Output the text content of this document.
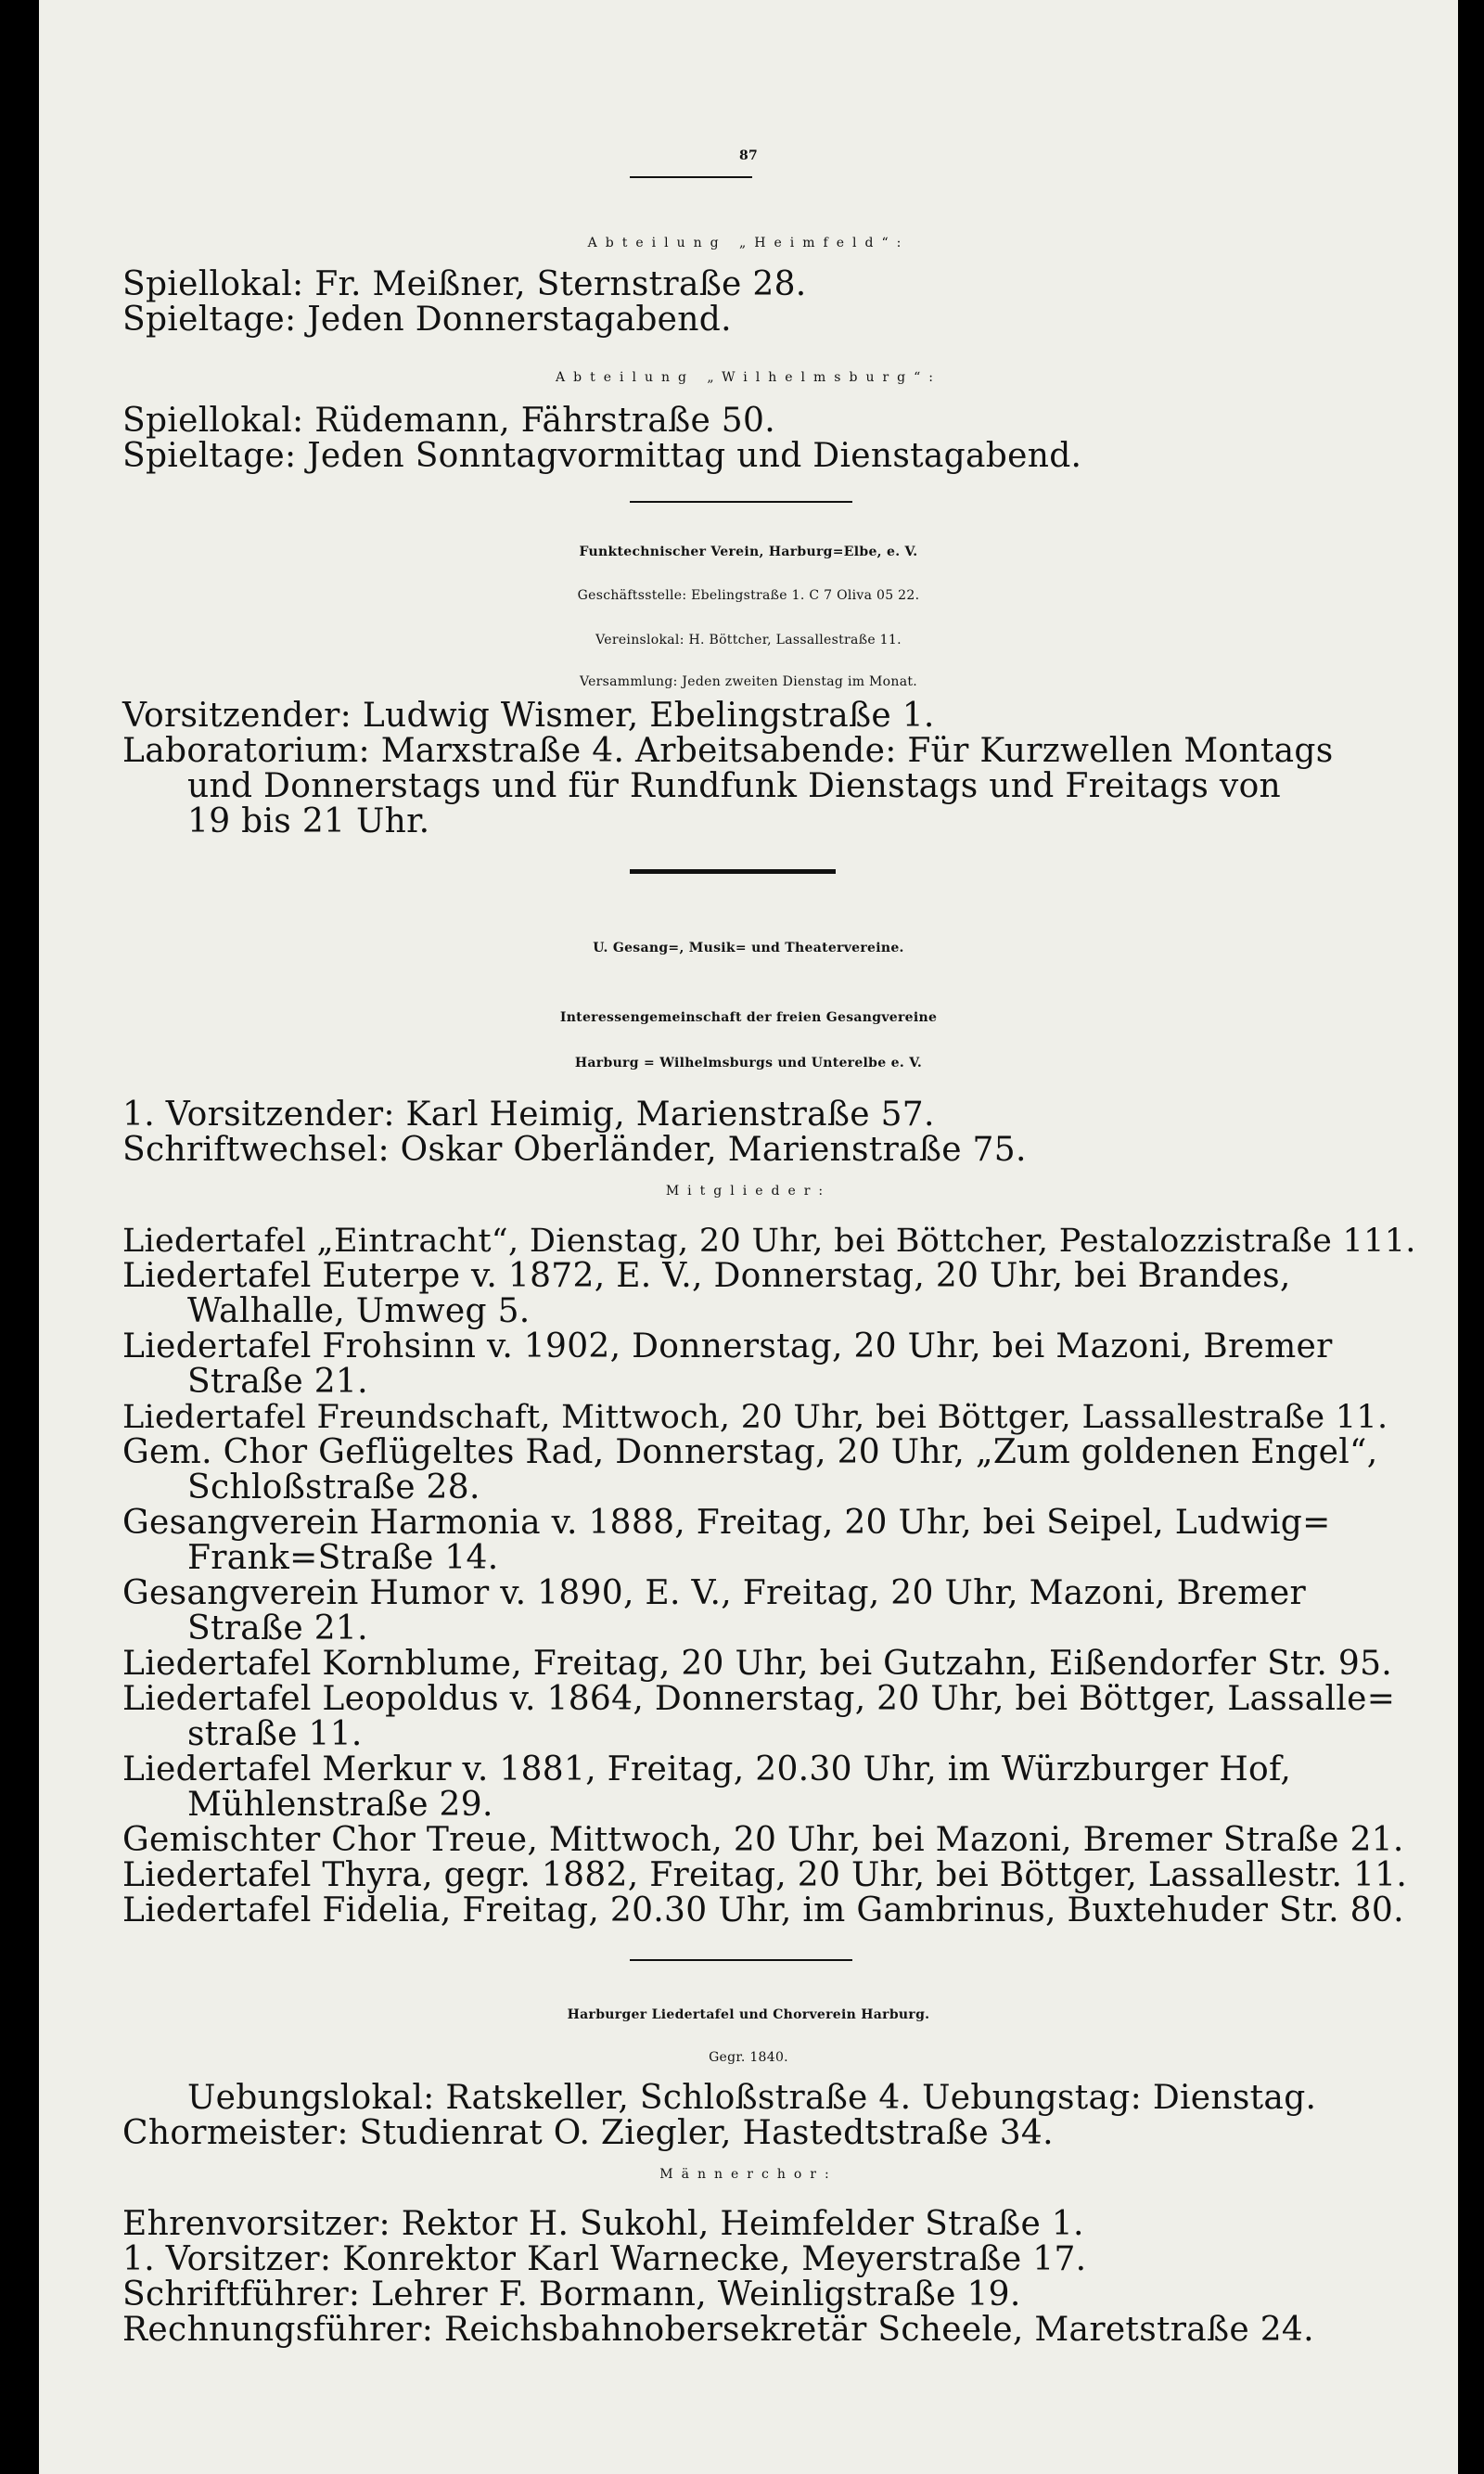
87
Abteilung „Heimfeld“:
Spiellokal: Fr. Meißner, Sternstraße 28.
Spieltage: Jeden Donnerstagabend.
Abteilung „Wilhelmsburg“:
Spiellokal: Rüdemann, Fährstraße 50.
Spieltage: Jeden Sonntagvormittag und Dienstagabend.
Funktechnischer Verein, Harburg=Elbe, e. V.
Geschäftsstelle: Ebelingstraße 1. C 7 Oliva 05 22.
Vereinslokal: H. Böttcher, Lassallestraße 11.
Versammlung: Jeden zweiten Dienstag im Monat.
Vorsitzender: Ludwig Wismer, Ebelingstraße 1.
Laboratorium: Marxstraße 4. Arbeitsabende: Für Kurzwellen Montags
und Donnerstags und für Rundfunk Dienstags und Freitags von
19 bis 21 Uhr.
U. Gesang=, Musik= und Theatervereine.
Interessengemeinschaft der freien Gesangvereine
Harburg = Wilhelmsburgs und Unterelbe e. V.
1. Vorsitzender: Karl Heimig, Marienstraße 57.
Schriftwechsel: Oskar Oberländer, Marienstraße 75.
Mitglieder:
Liedertafel „Eintracht“, Dienstag, 20 Uhr, bei Böttcher, Pestalozzistraße 111.
Liedertafel Euterpe v. 1872, E. V., Donnerstag, 20 Uhr, bei Brandes,
Walhalle, Umweg 5.
Liedertafel Frohsinn v. 1902, Donnerstag, 20 Uhr, bei Mazoni, Bremer
Straße 21.
Liedertafel Freundschaft, Mittwoch, 20 Uhr, bei Böttger, Lassallestraße 11.
Gem. Chor Geflügeltes Rad, Donnerstag, 20 Uhr, „Zum goldenen Engel“,
Schloßstraße 28.
Gesangverein Harmonia v. 1888, Freitag, 20 Uhr, bei Seipel, Ludwig=
Frank=Straße 14.
Gesangverein Humor v. 1890, E. V., Freitag, 20 Uhr, Mazoni, Bremer
Straße 21.
Liedertafel Kornblume, Freitag, 20 Uhr, bei Gutzahn, Eißendorfer Str. 95.
Liedertafel Leopoldus v. 1864, Donnerstag, 20 Uhr, bei Böttger, Lassalle=
straße 11.
Liedertafel Merkur v. 1881, Freitag, 20.30 Uhr, im Würzburger Hof,
Mühlenstraße 29.
Gemischter Chor Treue, Mittwoch, 20 Uhr, bei Mazoni, Bremer Straße 21.
Liedertafel Thyra, gegr. 1882, Freitag, 20 Uhr, bei Böttger, Lassallestr. 11.
Liedertafel Fidelia, Freitag, 20.30 Uhr, im Gambrinus, Buxtehuder Str. 80.
Harburger Liedertafel und Chorverein Harburg.
Gegr. 1840.
Uebungslokal: Ratskeller, Schloßstraße 4. Uebungstag: Dienstag.
Chormeister: Studienrat O. Ziegler, Hastedtstraße 34.
Männerchor:
Ehrenvorsitzer: Rektor H. Sukohl, Heimfelder Straße 1.
1. Vorsitzer: Konrektor Karl Warnecke, Meyerstraße 17.
Schriftführer: Lehrer F. Bormann, Weinligstraße 19.
Rechnungsführer: Reichsbahnobersekretär Scheele, Maretstraße 24.
